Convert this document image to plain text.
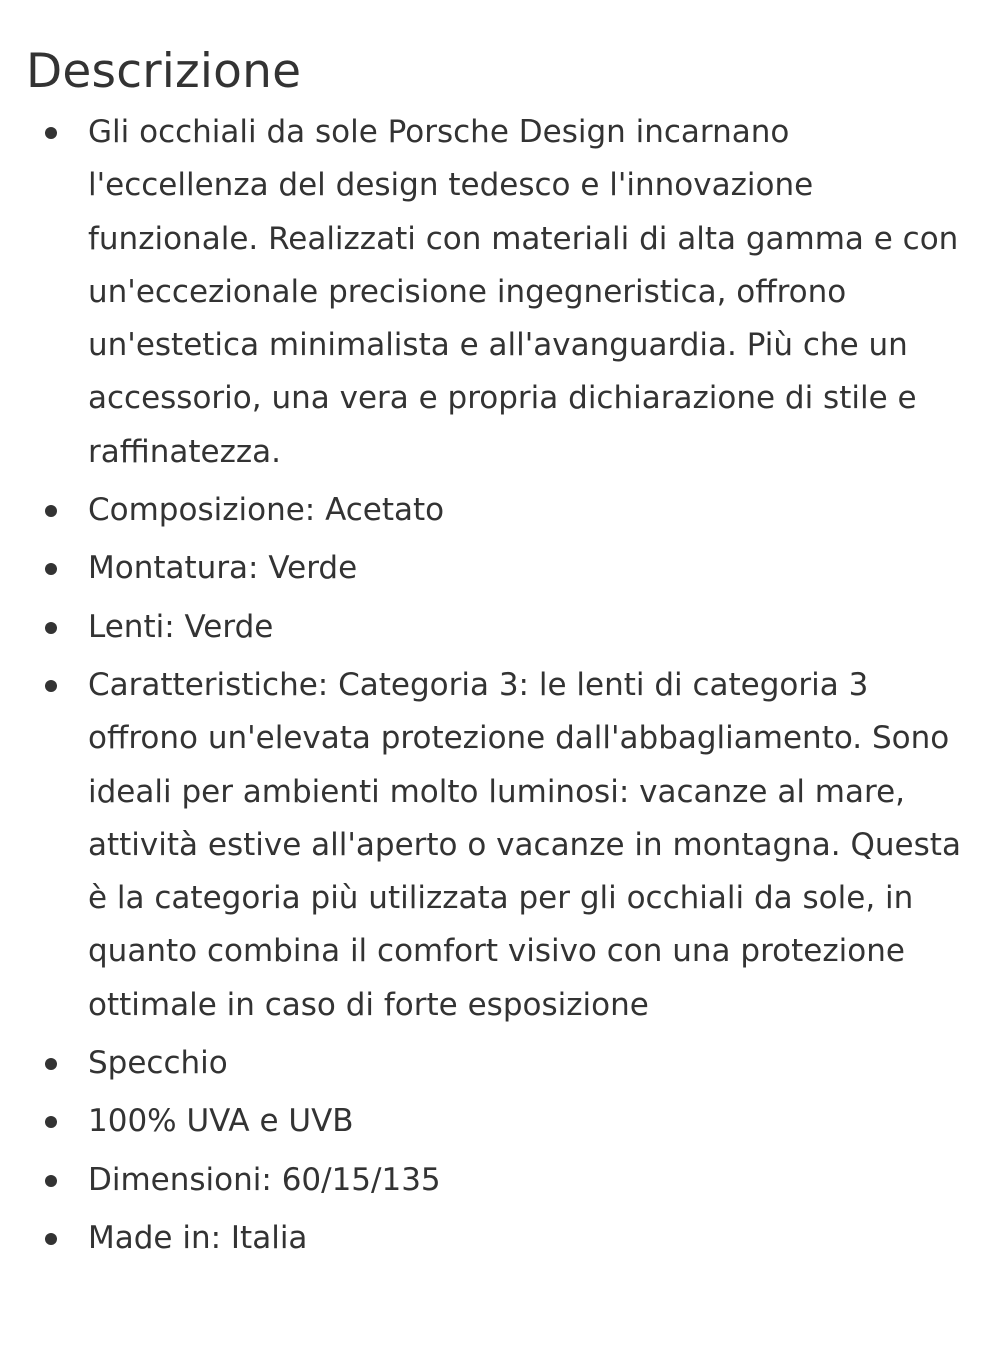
Descrizione
Gli occhiali da sole Porsche Design incarnano l'eccellenza del design tedesco e l'innovazione funzionale. Realizzati con materiali di alta gamma e con un'eccezionale precisione ingegneristica, offrono un'estetica minimalista e all'avanguardia. Più che un accessorio, una vera e propria dichiarazione di stile e raffinatezza.
Composizione: Acetato
Montatura: Verde
Lenti: Verde
Caratteristiche: Categoria 3: le lenti di categoria 3 offrono un'elevata protezione dall'abbagliamento. Sono ideali per ambienti molto luminosi: vacanze al mare, attività estive all'aperto o vacanze in montagna. Questa è la categoria più utilizzata per gli occhiali da sole, in quanto combina il comfort visivo con una protezione ottimale in caso di forte esposizione
Specchio
100% UVA e UVB
Dimensioni: 60/15/135
Made in: Italia
